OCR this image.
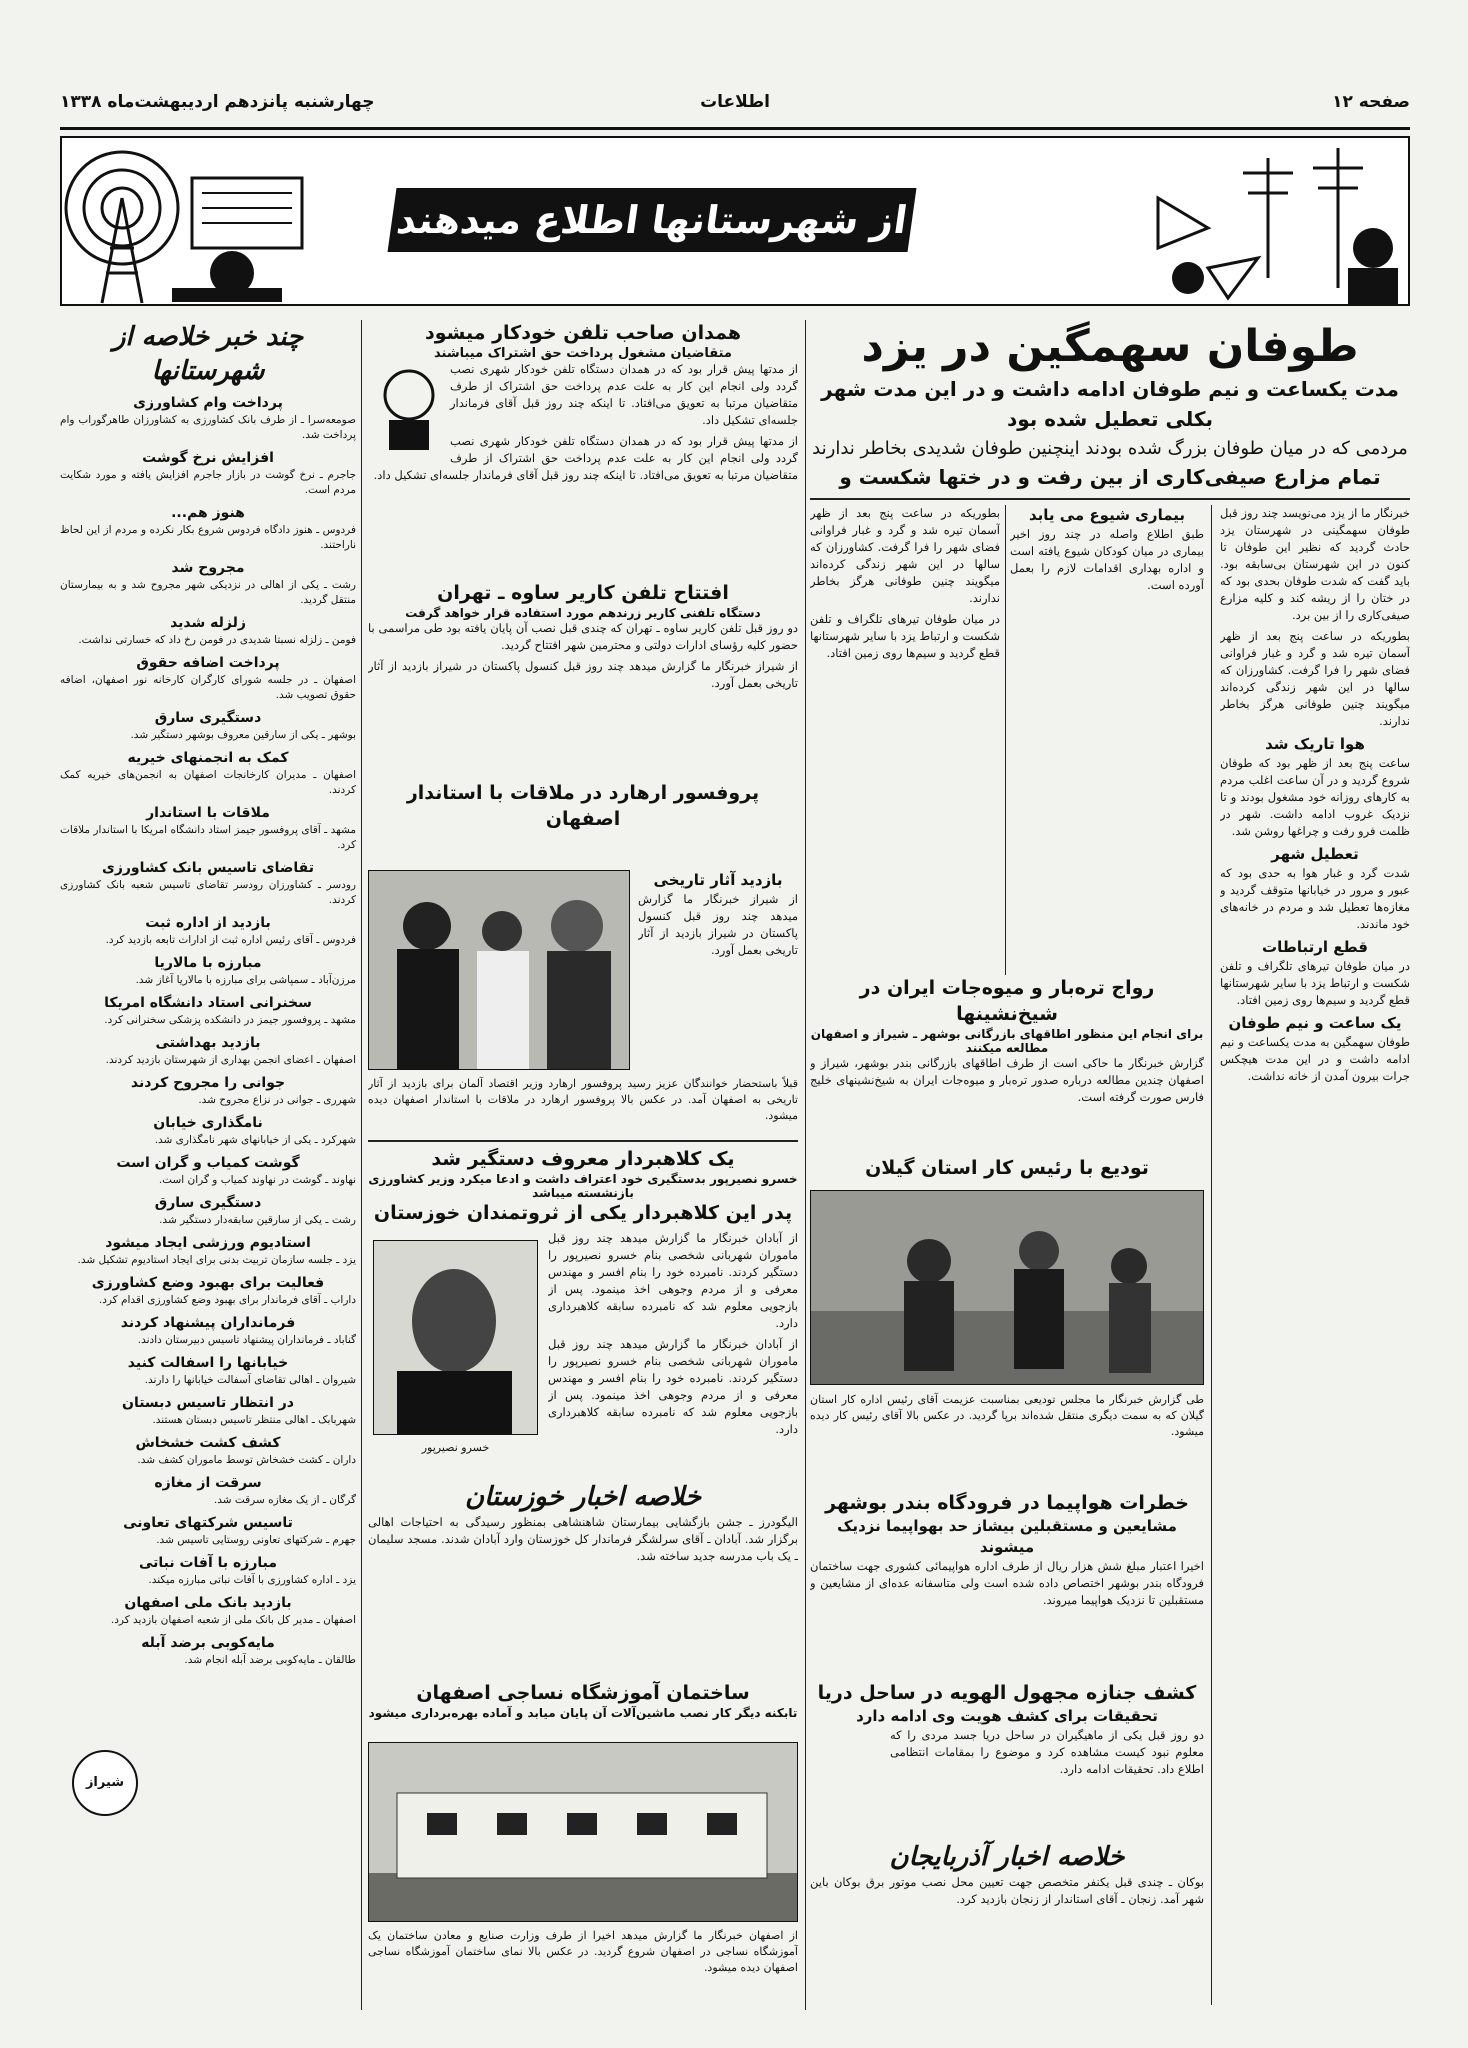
صفحه ۱۲
اطلاعات
چهارشنبه پانزدهم اردیبهشت‌ماه ۱۳۳۸
از شهرستانها اطلاع میدهند
طوفان سهمگین در یزد
مدت یکساعت و نیم طوفان ادامه داشت و در این مدت شهر بکلی تعطیل شده بود
مردمی که در میان طوفان بزرگ شده بودند اینچنین طوفان شدیدی بخاطر ندارند
تمام مزارع صیفی‌کاری از بین رفت و در ختها شکست و

خبرنگار ما از یزد می‌نویسد چند روز قبل طوفان سهمگینی در شهرستان یزد حادث گردید که نظیر این طوفان تا کنون در این شهرستان بی‌سابقه بود. باید گفت که شدت طوفان بحدی بود که در ختان را از ریشه کند و کلیه مزارع صیفی‌کاری را از بین برد.

بطوریکه در ساعت پنج بعد از ظهر آسمان تیره شد و گرد و غبار فراوانی فضای شهر را فرا گرفت. کشاورزان که سالها در این شهر زندگی کرده‌اند میگویند چنین طوفانی هرگز بخاطر ندارند.

هوا تاریک شد

ساعت پنج بعد از ظهر بود که طوفان شروع گردید و در آن ساعت اغلب مردم به کارهای روزانه خود مشغول بودند و تا نزدیک غروب ادامه داشت. شهر در ظلمت فرو رفت و چراغها روشن شد.

تعطیل شهر

شدت گرد و غبار هوا به حدی بود که عبور و مرور در خیابانها متوقف گردید و مغازه‌ها تعطیل شد و مردم در خانه‌های خود ماندند.

قطع ارتباطات

در میان طوفان تیرهای تلگراف و تلفن شکست و ارتباط یزد با سایر شهرستانها قطع گردید و سیم‌ها روی زمین افتاد.

یک ساعت و نیم طوفان

طوفان سهمگین به مدت یکساعت و نیم ادامه داشت و در این مدت هیچکس جرات بیرون آمدن از خانه نداشت.

بیماری شیوع می یابد

طبق اطلاع واصله در چند روز اخیر بیماری در میان کودکان شیوع یافته است و اداره بهداری اقدامات لازم را بعمل آورده است.

بطوریکه در ساعت پنج بعد از ظهر آسمان تیره شد و گرد و غبار فراوانی فضای شهر را فرا گرفت. کشاورزان که سالها در این شهر زندگی کرده‌اند میگویند چنین طوفانی هرگز بخاطر ندارند.

در میان طوفان تیرهای تلگراف و تلفن شکست و ارتباط یزد با سایر شهرستانها قطع گردید و سیم‌ها روی زمین افتاد.

رواج تره‌بار و میوه‌جات ایران در شیخ‌نشینها
برای انجام این منظور اطاقهای بازرگانی بوشهر ـ شیراز و اصفهان مطالعه میکنند

گزارش خبرنگار ما حاکی است از طرف اطاقهای بازرگانی بندر بوشهر، شیراز و اصفهان چندین مطالعه درباره صدور تره‌بار و میوه‌جات ایران به شیخ‌نشینهای خلیج فارس صورت گرفته است.

تودیع با رئیس کار استان گیلان
طی گزارش خبرنگار ما مجلس تودیعی بمناسبت عزیمت آقای رئیس اداره کار استان گیلان که به سمت دیگری منتقل شده‌اند برپا گردید. در عکس بالا آقای رئیس کار دیده میشود.
خطرات هواپیما در فرودگاه بندر بوشهر
مشایعین و مستقبلین بیشاز حد بهواپیما نزدیک میشوند

اخیرا اعتبار مبلغ شش هزار ریال از طرف اداره هواپیمائی کشوری جهت ساختمان فرودگاه بندر بوشهر اختصاص داده شده است ولی متاسفانه عده‌ای از مشایعین و مستقبلین تا نزدیک هواپیما میروند.

کشف جنازه مجهول الهویه در ساحل دریا
تحقیقات برای کشف هویت وی ادامه دارد

دو روز قبل یکی از ماهیگیران در ساحل دریا جسد مردی را که معلوم نبود کیست مشاهده کرد و موضوع را بمقامات انتظامی اطلاع داد. تحقیقات ادامه دارد.

شیراز
خلاصه اخبار آذربایجان

بوکان ـ چندی قبل یکنفر متخصص جهت تعیین محل نصب موتور برق بوکان باین شهر آمد. زنجان ـ آقای استاندار از زنجان بازدید کرد.

همدان صاحب تلفن خودکار میشود
متقاضیان مشغول پرداخت حق اشتراک میباشند

از مدتها پیش قرار بود که در همدان دستگاه تلفن خودکار شهری نصب گردد ولی انجام این کار به علت عدم پرداخت حق اشتراک از طرف متقاضیان مرتبا به تعویق می‌افتاد. تا اینکه چند روز قبل آقای فرماندار جلسه‌ای تشکیل داد.

از مدتها پیش قرار بود که در همدان دستگاه تلفن خودکار شهری نصب گردد ولی انجام این کار به علت عدم پرداخت حق اشتراک از طرف متقاضیان مرتبا به تعویق می‌افتاد. تا اینکه چند روز قبل آقای فرماندار جلسه‌ای تشکیل داد.

افتتاح تلفن کاریر ساوه ـ تهران
دستگاه تلفنی کاریر زرندهم مورد استفاده قرار خواهد گرفت

دو روز قبل تلفن کاریر ساوه ـ تهران که چندی قبل نصب آن پایان یافته بود طی مراسمی با حضور کلیه رؤسای ادارات دولتی و محترمین شهر افتتاح گردید.

از شیراز خبرنگار ما گزارش میدهد چند روز قبل کنسول پاکستان در شیراز بازدید از آثار تاریخی بعمل آورد.

پروفسور ارهارد در ملاقات با استاندار اصفهان
بازدید آثار تاریخی

از شیراز خبرنگار ما گزارش میدهد چند روز قبل کنسول پاکستان در شیراز بازدید از آثار تاریخی بعمل آورد.

قبلاً باستحضار خوانندگان عزیز رسید پروفسور ارهارد وزیر اقتصاد آلمان برای بازدید از آثار تاریخی به اصفهان آمد. در عکس بالا پروفسور ارهارد در ملاقات با استاندار اصفهان دیده میشود.
یک کلاهبردار معروف دستگیر شد
خسرو نصیرپور بدستگیری خود اعتراف داشت و ادعا میکرد وزیر کشاورزی بازنشسته میباشد
پدر این کلاهبردار یکی از ثروتمندان خوزستان

از آبادان خبرنگار ما گزارش میدهد چند روز قبل ماموران شهربانی شخصی بنام خسرو نصیرپور را دستگیر کردند. نامبرده خود را بنام افسر و مهندس معرفی و از مردم وجوهی اخذ مینمود. پس از بازجویی معلوم شد که نامبرده سابقه کلاهبرداری دارد.

از آبادان خبرنگار ما گزارش میدهد چند روز قبل ماموران شهربانی شخصی بنام خسرو نصیرپور را دستگیر کردند. نامبرده خود را بنام افسر و مهندس معرفی و از مردم وجوهی اخذ مینمود. پس از بازجویی معلوم شد که نامبرده سابقه کلاهبرداری دارد.

خسرو نصیرپور
خلاصه اخبار خوزستان

الیگودرز ـ جشن بازگشایی بیمارستان شاهنشاهی بمنظور رسیدگی به احتیاجات اهالی برگزار شد. آبادان ـ آقای سرلشگر فرماندار کل خوزستان وارد آبادان شدند. مسجد سلیمان ـ یک باب مدرسه جدید ساخته شد.

ساختمان آموزشگاه نساجی اصفهان
تابکنه دیگر کار نصب ماشین‌آلات آن پایان میابد و آماده بهره‌برداری میشود
از اصفهان خبرنگار ما گزارش میدهد اخیرا از طرف وزارت صنایع و معادن ساختمان یک آموزشگاه نساجی در اصفهان شروع گردید. در عکس بالا نمای ساختمان آموزشگاه نساجی اصفهان دیده میشود.
چند خبر خلاصه از شهرستانها
پرداخت وام کشاورزی

صومعه‌سرا ـ از طرف بانک کشاورزی به کشاورزان طاهرگوراب وام پرداخت شد.

افزایش نرخ گوشت

جاجرم ـ نرخ گوشت در بازار جاجرم افزایش یافته و مورد شکایت مردم است.

هنوز هم...

فردوس ـ هنوز دادگاه فردوس شروع بکار نکرده و مردم از این لحاظ ناراحتند.

مجروح شد

رشت ـ یکی از اهالی در نزدیکی شهر مجروح شد و به بیمارستان منتقل گردید.

زلزله شدید

فومن ـ زلزله نسبتا شدیدی در فومن رخ داد که خسارتی نداشت.

پرداخت اضافه حقوق

اصفهان ـ در جلسه شورای کارگران کارخانه نور اصفهان، اضافه حقوق تصویب شد.

دستگیری سارق

بوشهر ـ یکی از سارقین معروف بوشهر دستگیر شد.

کمک به انجمنهای خیریه

اصفهان ـ مدیران کارخانجات اصفهان به انجمن‌های خیریه کمک کردند.

ملاقات با استاندار

مشهد ـ آقای پروفسور جیمز استاد دانشگاه امریکا با استاندار ملاقات کرد.

تقاضای تاسیس بانک کشاورزی

رودسر ـ کشاورزان رودسر تقاضای تاسیس شعبه بانک کشاورزی کردند.

بازدید از اداره ثبت

فردوس ـ آقای رئیس اداره ثبت از ادارات تابعه بازدید کرد.

مبارزه با مالاریا

مرزن‌آباد ـ سمپاشی برای مبارزه با مالاریا آغاز شد.

سخنرانی استاد دانشگاه امریکا

مشهد ـ پروفسور جیمز در دانشکده پزشکی سخنرانی کرد.

بازدید بهداشتی

اصفهان ـ اعضای انجمن بهداری از شهرستان بازدید کردند.

جوانی را مجروح کردند

شهرری ـ جوانی در نزاع مجروح شد.

نامگذاری خیابان

شهرکرد ـ یکی از خیابانهای شهر نامگذاری شد.

گوشت کمیاب و گران است

نهاوند ـ گوشت در نهاوند کمیاب و گران است.

دستگیری سارق

رشت ـ یکی از سارقین سابقه‌دار دستگیر شد.

استادیوم ورزشی ایجاد میشود

یزد ـ جلسه سازمان تربیت بدنی برای ایجاد استادیوم تشکیل شد.

فعالیت برای بهبود وضع کشاورزی

داراب ـ آقای فرماندار برای بهبود وضع کشاورزی اقدام کرد.

فرمانداران پیشنهاد کردند

گناباد ـ فرمانداران پیشنهاد تاسیس دبیرستان دادند.

خیابانها را اسفالت کنید

شیروان ـ اهالی تقاضای آسفالت خیابانها را دارند.

در انتظار تاسیس دبستان

شهربابک ـ اهالی منتظر تاسیس دبستان هستند.

کشف کشت خشخاش

داران ـ کشت خشخاش توسط ماموران کشف شد.

سرقت از مغازه

گرگان ـ از یک مغازه سرقت شد.

تاسیس شرکتهای تعاونی

جهرم ـ شرکتهای تعاونی روستایی تاسیس شد.

مبارزه با آفات نباتی

یزد ـ اداره کشاورزی با آفات نباتی مبارزه میکند.

بازدید بانک ملی اصفهان

اصفهان ـ مدیر کل بانک ملی از شعبه اصفهان بازدید کرد.

مایه‌کوبی برضد آبله

طالقان ـ مایه‌کوبی برضد آبله انجام شد.
